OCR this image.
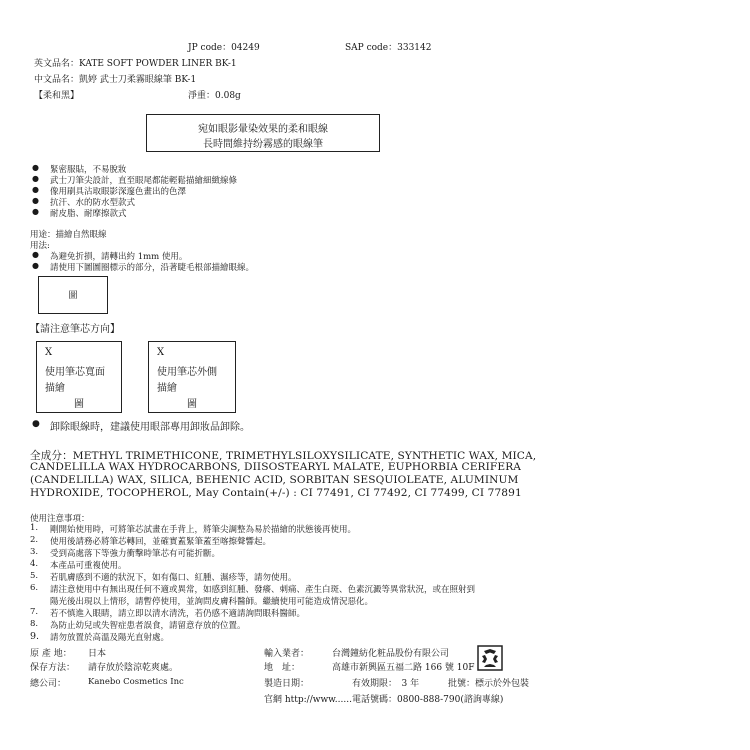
JP code：04249	SAP code：333142
英文品名：KATE SOFT POWDER LINER BK-1
中文品名：凱婷 武士刀柔霧眼線筆 BK-1
【柔和黑】	淨重：0.08g
宛如眼影暈染效果的柔和眼線
長時間維持纷霧感的眼線筆
● 緊密服貼，不易脫妝
● 武士刀筆尖設計，直至眼尾都能輕鬆描繪細緻線條
● 像用刷具沾取眼影深邃色畫出的色澤
● 抗汗、水的防水型款式
● 耐皮脂、耐摩擦款式
用途：描繪自然眼線
用法:
● 為避免折損，請轉出約 1mm 使用。
● 請使用下圖圖圈標示的部分，沿著睫毛根部描繪眼線。
圖
【請注意筆芯方向】
X
使用筆芯寬面
描繪
圖
X
使用筆芯外側
描繪
圖
● 卸除眼線時，建議使用眼部專用卸妝品卸除。
全成分：METHYL TRIMETHICONE, TRIMETHYLSILOXYSILICATE, SYNTHETIC WAX, MICA,
CANDELILLA WAX HYDROCARBONS, DIISOSTEARYL MALATE, EUPHORBIA CERIFERA
(CANDELILLA) WAX, SILICA, BEHENIC ACID, SORBITAN SESQUIOLEATE, ALUMINUM
HYDROXIDE, TOCOPHEROL, May Contain(+/-) : CI 77491, CI 77492, CI 77499, CI 77891
使用注意事項：
1. 剛開始使用時，可將筆芯試畫在手背上，將筆尖調整為易於描繪的狀態後再使用。
2. 使用後請務必將筆芯轉回，並確實蓋緊筆蓋至喀擦聲響起。
3. 受到高處落下等強力衝擊時筆芯有可能折斷。
4. 本產品可重複使用。
5. 若肌膚感到不適的狀況下，如有傷口、紅腫、濕疹等，請勿使用。
6. 請注意使用中有無出現任何不適或異常，如感到紅腫、發癢、刺痛、產生白斑、色素沉澱等異常狀況，或在照射到
陽光後出現以上情形，請暫停使用，並詢問皮膚科醫師。繼續使用可能造成情況惡化。
7. 若不慎進入眼睛，請立即以清水清洗，若仍感不適請詢問眼科醫師。
8. 為防止幼兒或失智症患者誤食，請留意存放的位置。
9. 請勿放置於高溫及陽光直射處。
原 產 地： 日本
保存方法： 請存放於陰涼乾爽處。
總公司：	Kanebo Cosmetics Inc
輸入業者：	台灣鐘紡化粧品股份有限公司
地　址：	高雄市新興區五福二路 166 號 10F
製造日期：	有效期限：　3 年	批號：標示於外包裝
官網 http://www...... 電話號碼：0800-888-790(諮詢專線)
